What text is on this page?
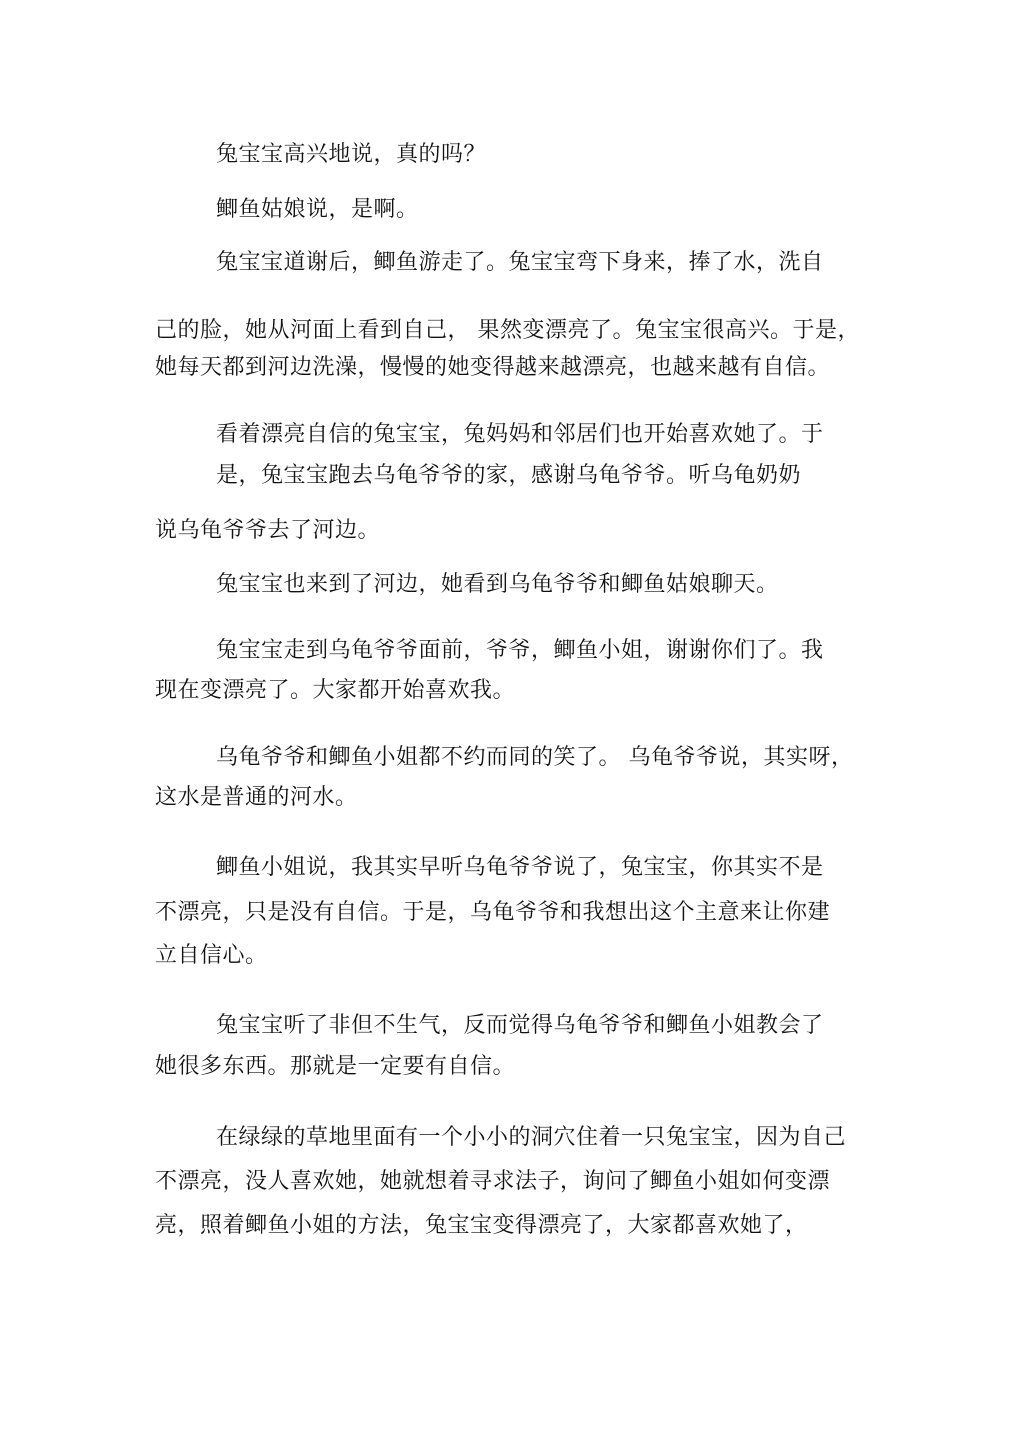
兔宝宝高兴地说，真的吗？
鲫鱼姑娘说，是啊。
兔宝宝道谢后，鲫鱼游走了。兔宝宝弯下身来，捧了水，洗自
己的脸，她从河面上看到自己， 果然变漂亮了。兔宝宝很高兴。于是，
她每天都到河边洗澡，慢慢的她变得越来越漂亮，也越来越有自信。
看着漂亮自信的兔宝宝，兔妈妈和邻居们也开始喜欢她了。于
是，兔宝宝跑去乌龟爷爷的家，感谢乌龟爷爷。听乌龟奶奶
说乌龟爷爷去了河边。
兔宝宝也来到了河边，她看到乌龟爷爷和鲫鱼姑娘聊天。
兔宝宝走到乌龟爷爷面前，爷爷，鲫鱼小姐，谢谢你们了。我
现在变漂亮了。大家都开始喜欢我。
乌龟爷爷和鲫鱼小姐都不约而同的笑了。 乌龟爷爷说，其实呀，
这水是普通的河水。
鲫鱼小姐说，我其实早听乌龟爷爷说了，兔宝宝，你其实不是
不漂亮，只是没有自信。于是，乌龟爷爷和我想出这个主意来让你建
立自信心。
兔宝宝听了非但不生气，反而觉得乌龟爷爷和鲫鱼小姐教会了
她很多东西。那就是一定要有自信。
在绿绿的草地里面有一个小小的洞穴住着一只兔宝宝，因为自己
不漂亮，没人喜欢她，她就想着寻求法子，询问了鲫鱼小姐如何变漂
亮，照着鲫鱼小姐的方法，兔宝宝变得漂亮了，大家都喜欢她了，
